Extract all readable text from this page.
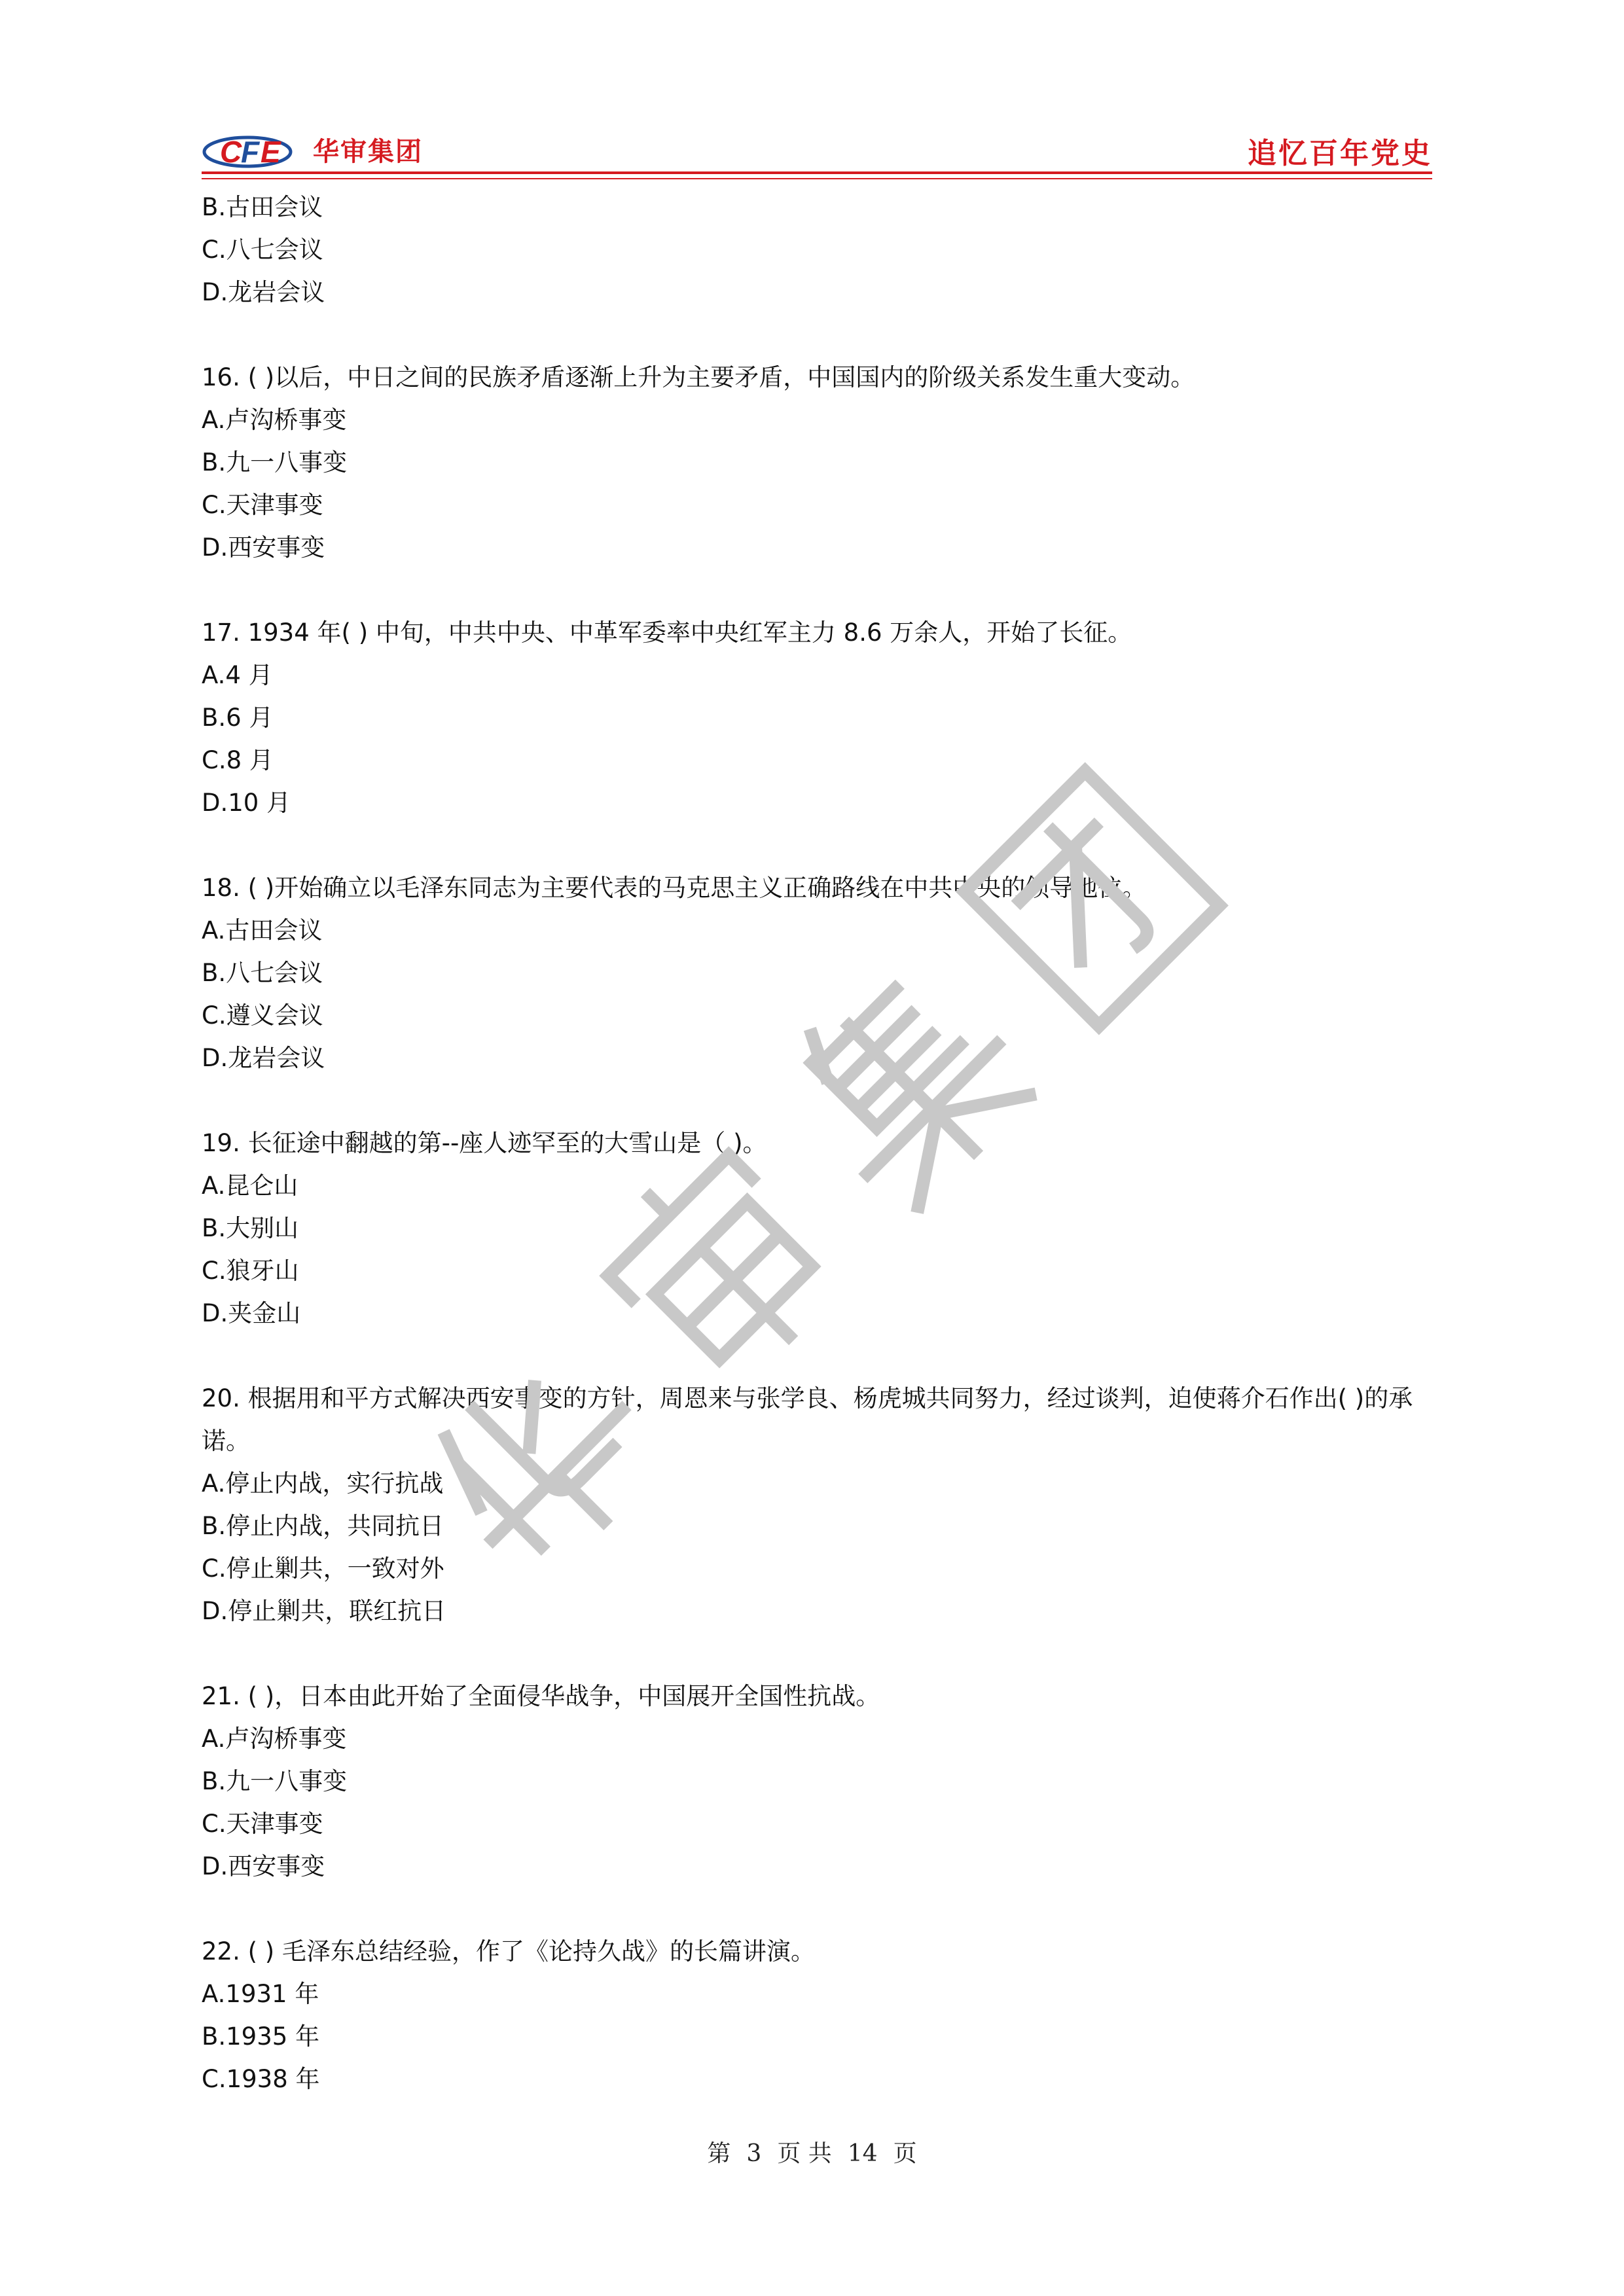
C
F E 华审集团	追忆百年党史

B.古田会议

C.八七会议

D.龙岩会议

16. ( )以后，中日之间的民族矛盾逐渐上升为主要矛盾，中国国内的阶级关系发生重大变动。

A.卢沟桥事变

B.九一八事变

C.天津事变

D.西安事变

17. 1934 年( ) 中旬，中共中央、中革军委率中央红军主力 8.6 万余人，开始了长征。

A.4 月

B.6 月

C.8 月

D.10 月

18. ( )开始确立以毛泽东同志为主要代表的马克思主义正确路线在中共中央的领导地位。

A.古田会议

B.八七会议

C.遵义会议

D.龙岩会议

19. 长征途中翻越的第--座人迹罕至的大雪山是（ )。

A.昆仑山

B.大别山

C.狼牙山

D.夹金山

20. 根据用和平方式解决西安事变的方针，周恩来与张学良、杨虎城共同努力，经过谈判，迫使蒋介石作出( )的承诺。

A.停止内战，实行抗战

B.停止内战，共同抗日

C.停止剿共，一致对外

D.停止剿共，联红抗日

21. ( )，日本由此开始了全面侵华战争，中国展开全国性抗战。

A.卢沟桥事变

B.九一八事变

C.天津事变

D.西安事变

22. ( ) 毛泽东总结经验，作了《论持久战》的长篇讲演。

A.1931 年

B.1935 年

C.1938 年

第 3 页 共 14 页
